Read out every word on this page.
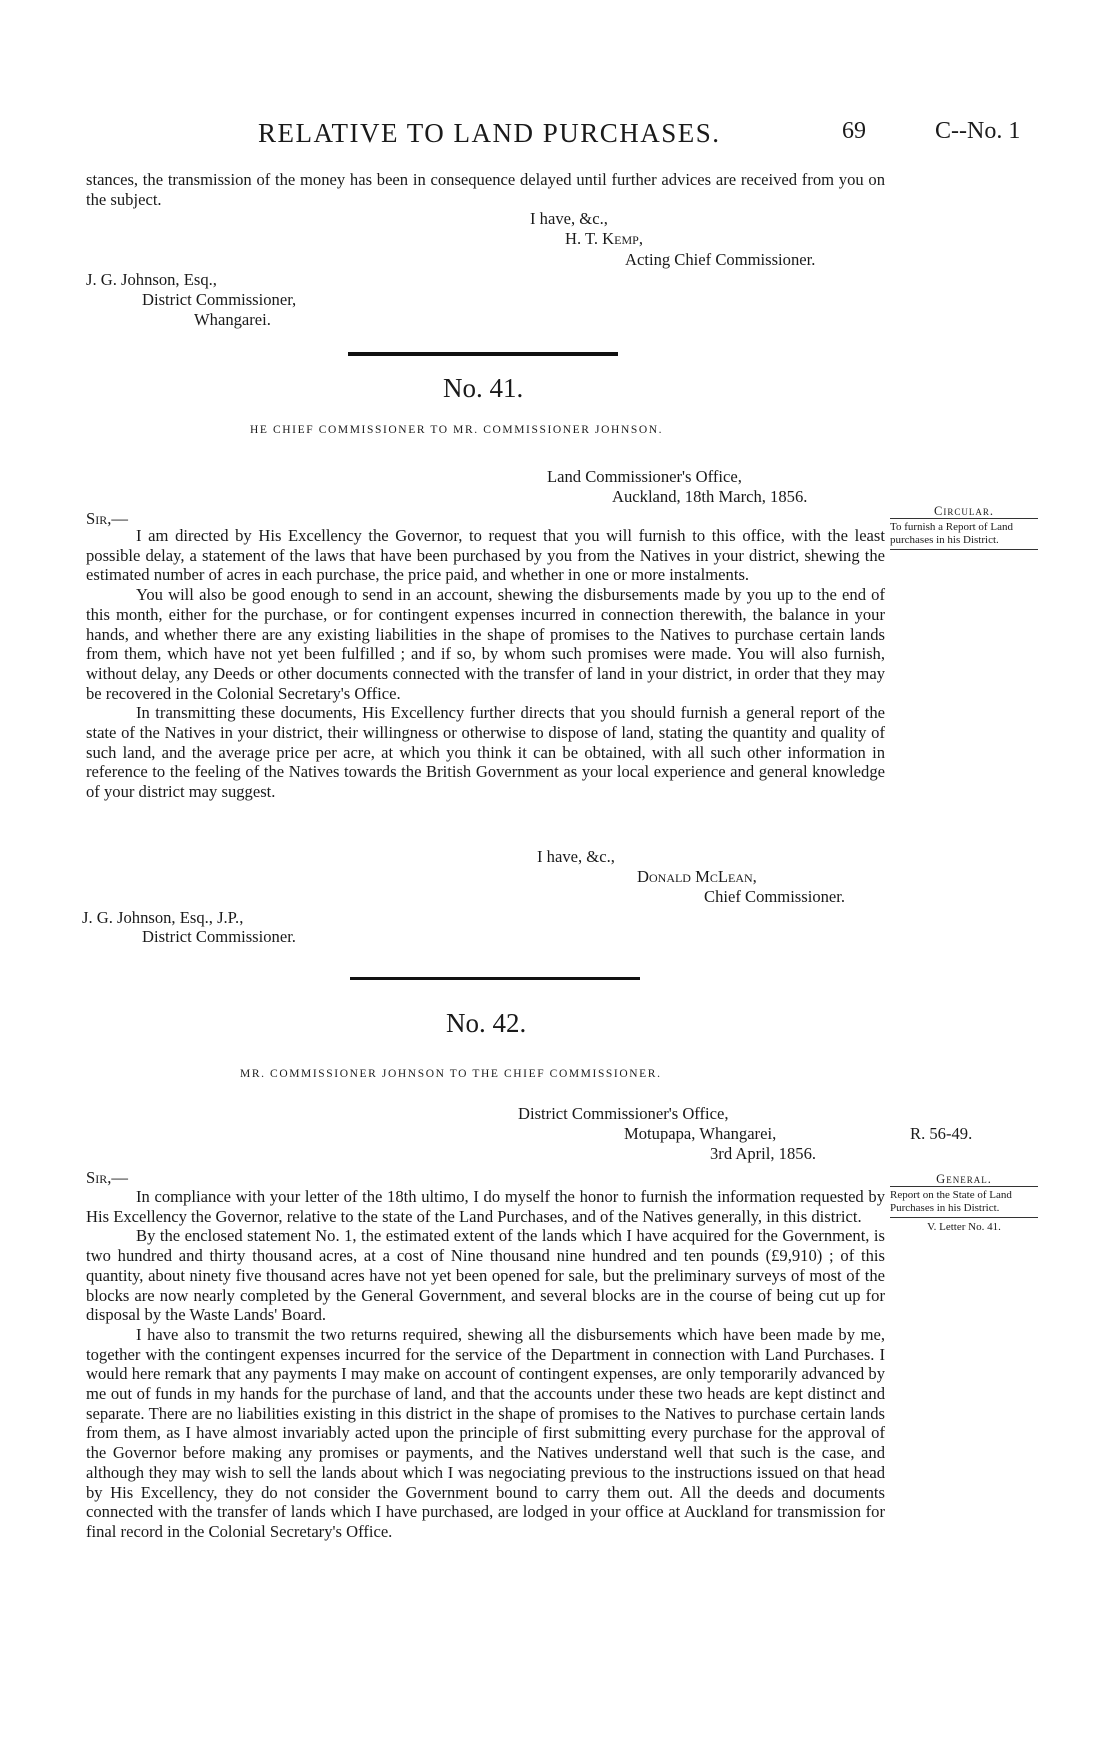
RELATIVE TO LAND PURCHASES.	69	C--No. 1

stances, the transmission of the money has been in consequence delayed until further advices are received from you on the subject.

I have, &c.,
H. T. Kemp,
Acting Chief Commissioner.
J. G. Johnson, Esq.,
District Commissioner,
Whangarei.
No. 41.
HE CHIEF COMMISSIONER TO MR. COMMISSIONER JOHNSON.
Land Commissioner's Office,
Auckland, 18th March, 1856.
Sir,—	Circular.
To furnish a Report of Land purchases in his District.

I am directed by His Excellency the Governor, to request that you will furnish to this office, with the least possible delay, a statement of the laws that have been purchased by you from the Natives in your district, shewing the estimated number of acres in each purchase, the price paid, and whether in one or more instalments.

You will also be good enough to send in an account, shewing the disbursements made by you up to the end of this month, either for the purchase, or for contingent expenses incurred in connection therewith, the balance in your hands, and whether there are any existing liabilities in the shape of promises to the Natives to purchase certain lands from them, which have not yet been fulfilled ; and if so, by whom such promises were made. You will also furnish, without delay, any Deeds or other documents connected with the transfer of land in your district, in order that they may be recovered in the Colonial Secretary's Office.

In transmitting these documents, His Excellency further directs that you should furnish a general report of the state of the Natives in your district, their willingness or otherwise to dispose of land, stating the quantity and quality of such land, and the average price per acre, at which you think it can be obtained, with all such other information in reference to the feeling of the Natives towards the British Government as your local experience and general knowledge of your district may suggest.

I have, &c.,
Donald McLean,
Chief Commissioner.
J. G. Johnson, Esq., J.P.,
District Commissioner.
No. 42.
MR. COMMISSIONER JOHNSON TO THE CHIEF COMMISSIONER.
District Commissioner's Office,
Motupapa, Whangarei,
3rd April, 1856.
R. 56-49.
Sir,—	General.
Report on the State of Land Purchases in his District.
V. Letter No. 41.

In compliance with your letter of the 18th ultimo, I do myself the honor to furnish the information requested by His Excellency the Governor, relative to the state of the Land Purchases, and of the Natives generally, in this district.

By the enclosed statement No. 1, the estimated extent of the lands which I have acquired for the Government, is two hundred and thirty thousand acres, at a cost of Nine thousand nine hundred and ten pounds (£9,910) ; of this quantity, about ninety five thousand acres have not yet been opened for sale, but the preliminary surveys of most of the blocks are now nearly completed by the General Government, and several blocks are in the course of being cut up for disposal by the Waste Lands' Board.

I have also to transmit the two returns required, shewing all the disbursements which have been made by me, together with the contingent expenses incurred for the service of the Department in connection with Land Purchases. I would here remark that any payments I may make on account of contingent expenses, are only temporarily advanced by me out of funds in my hands for the purchase of land, and that the accounts under these two heads are kept distinct and separate. There are no liabilities existing in this district in the shape of promises to the Natives to purchase certain lands from them, as I have almost invariably acted upon the principle of first submitting every purchase for the approval of the Governor before making any promises or payments, and the Natives understand well that such is the case, and although they may wish to sell the lands about which I was negociating previous to the instructions issued on that head by His Excellency, they do not consider the Government bound to carry them out. All the deeds and documents connected with the transfer of lands which I have purchased, are lodged in your office at Auckland for transmission for final record in the Colonial Secretary's Office.
